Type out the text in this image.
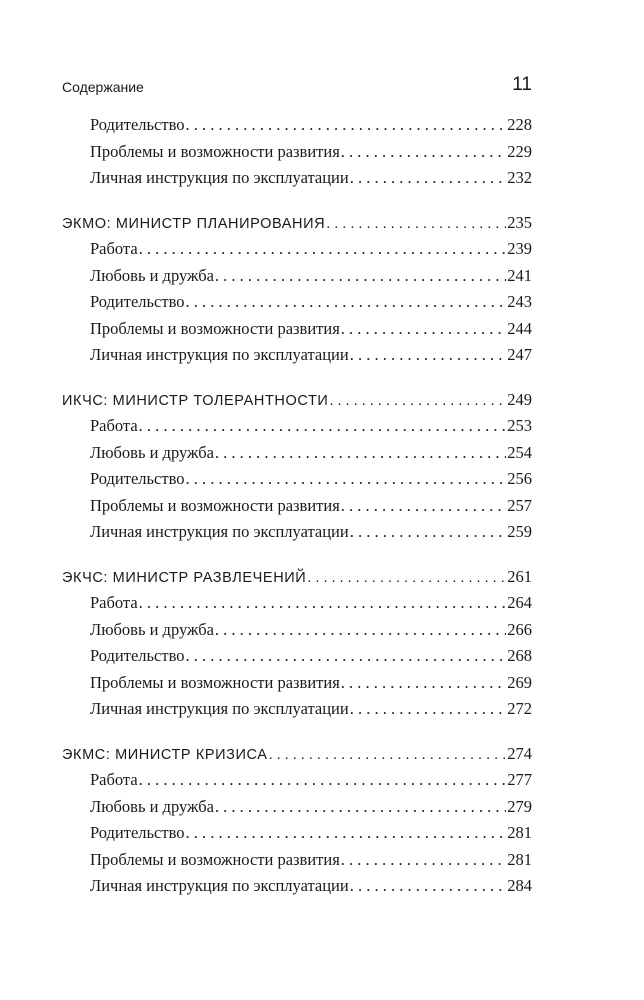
Содержание	11
Родительство . . .	228
Проблемы и возможности развития . . .	229
Личная инструкция по эксплуатации . . .	232
ЭКМО: МИНИСТР ПЛАНИРОВАНИЯ . . .	235
Работа . . .	239
Любовь и дружба . . .	241
Родительство . . .	243
Проблемы и возможности развития . . .	244
Личная инструкция по эксплуатации . . .	247
ИКЧС: МИНИСТР ТОЛЕРАНТНОСТИ . . .	249
Работа . . .	253
Любовь и дружба . . .	254
Родительство . . .	256
Проблемы и возможности развития . . .	257
Личная инструкция по эксплуатации . . .	259
ЭКЧС: МИНИСТР РАЗВЛЕЧЕНИЙ . . .	261
Работа . . .	264
Любовь и дружба . . .	266
Родительство . . .	268
Проблемы и возможности развития . . .	269
Личная инструкция по эксплуатации . . .	272
ЭКМС: МИНИСТР КРИЗИСА . . .	274
Работа . . .	277
Любовь и дружба . . .	279
Родительство . . .	281
Проблемы и возможности развития . . .	281
Личная инструкция по эксплуатации . . .	284
